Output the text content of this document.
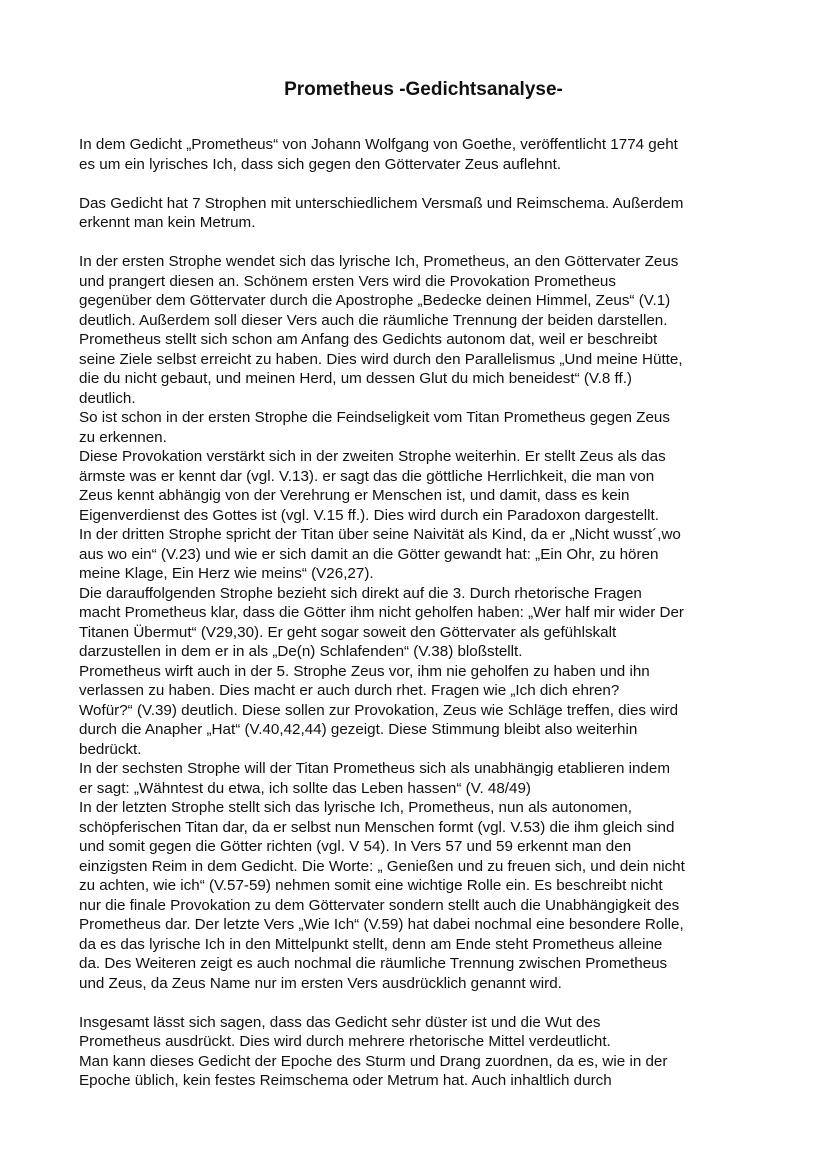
Prometheus -Gedichtsanalyse-

In dem Gedicht „Prometheus“ von Johann Wolfgang von Goethe, veröffentlicht 1774 geht
es um ein lyrisches Ich, dass sich gegen den Göttervater Zeus auflehnt.

Das Gedicht hat 7 Strophen mit unterschiedlichem Versmaß und Reimschema. Außerdem
erkennt man kein Metrum.

In der ersten Strophe wendet sich das lyrische Ich, Prometheus, an den Göttervater Zeus
und prangert diesen an. Schönem ersten Vers wird die Provokation Prometheus
gegenüber dem Göttervater durch die Apostrophe „Bedecke deinen Himmel, Zeus“ (V.1)
deutlich. Außerdem soll dieser Vers auch die räumliche Trennung der beiden darstellen.
Prometheus stellt sich schon am Anfang des Gedichts autonom dat, weil er beschreibt
seine Ziele selbst erreicht zu haben. Dies wird durch den Parallelismus „Und meine Hütte,
die du nicht gebaut, und meinen Herd, um dessen Glut du mich beneidest“ (V.8 ff.)
deutlich.
So ist schon in der ersten Strophe die Feindseligkeit vom Titan Prometheus gegen Zeus
zu erkennen.
Diese Provokation verstärkt sich in der zweiten Strophe weiterhin. Er stellt Zeus als das
ärmste was er kennt dar (vgl. V.13). er sagt das die göttliche Herrlichkeit, die man von
Zeus kennt abhängig von der Verehrung er Menschen ist, und damit, dass es kein
Eigenverdienst des Gottes ist (vgl. V.15 ff.). Dies wird durch ein Paradoxon dargestellt.
In der dritten Strophe spricht der Titan über seine Naivität als Kind, da er „Nicht wusst´,wo
aus wo ein“ (V.23) und wie er sich damit an die Götter gewandt hat: „Ein Ohr, zu hören
meine Klage, Ein Herz wie meins“ (V26,27).
Die darauffolgenden Strophe bezieht sich direkt auf die 3. Durch rhetorische Fragen
macht Prometheus klar, dass die Götter ihm nicht geholfen haben: „Wer half mir wider Der
Titanen Übermut“ (V29,30). Er geht sogar soweit den Göttervater als gefühlskalt
darzustellen in dem er in als „De(n) Schlafenden“ (V.38) bloßstellt.
Prometheus wirft auch in der 5. Strophe Zeus vor, ihm nie geholfen zu haben und ihn
verlassen zu haben. Dies macht er auch durch rhet. Fragen wie „Ich dich ehren?
Wofür?“ (V.39) deutlich. Diese sollen zur Provokation, Zeus wie Schläge treffen, dies wird
durch die Anapher „Hat“ (V.40,42,44) gezeigt. Diese Stimmung bleibt also weiterhin
bedrückt.
In der sechsten Strophe will der Titan Prometheus sich als unabhängig etablieren indem
er sagt: „Wähntest du etwa, ich sollte das Leben hassen“ (V. 48/49)
In der letzten Strophe stellt sich das lyrische Ich, Prometheus, nun als autonomen,
schöpferischen Titan dar, da er selbst nun Menschen formt (vgl. V.53) die ihm gleich sind
und somit gegen die Götter richten (vgl. V 54). In Vers 57 und 59 erkennt man den
einzigsten Reim in dem Gedicht. Die Worte: „ Genießen und zu freuen sich, und dein nicht
zu achten, wie ich“ (V.57-59) nehmen somit eine wichtige Rolle ein. Es beschreibt nicht
nur die finale Provokation zu dem Göttervater sondern stellt auch die Unabhängigkeit des
Prometheus dar. Der letzte Vers „Wie Ich“ (V.59) hat dabei nochmal eine besondere Rolle,
da es das lyrische Ich in den Mittelpunkt stellt, denn am Ende steht Prometheus alleine
da. Des Weiteren zeigt es auch nochmal die räumliche Trennung zwischen Prometheus
und Zeus, da Zeus Name nur im ersten Vers ausdrücklich genannt wird.

Insgesamt lässt sich sagen, dass das Gedicht sehr düster ist und die Wut des
Prometheus ausdrückt. Dies wird durch mehrere rhetorische Mittel verdeutlicht.
Man kann dieses Gedicht der Epoche des Sturm und Drang zuordnen, da es, wie in der
Epoche üblich, kein festes Reimschema oder Metrum hat. Auch inhaltlich durch
